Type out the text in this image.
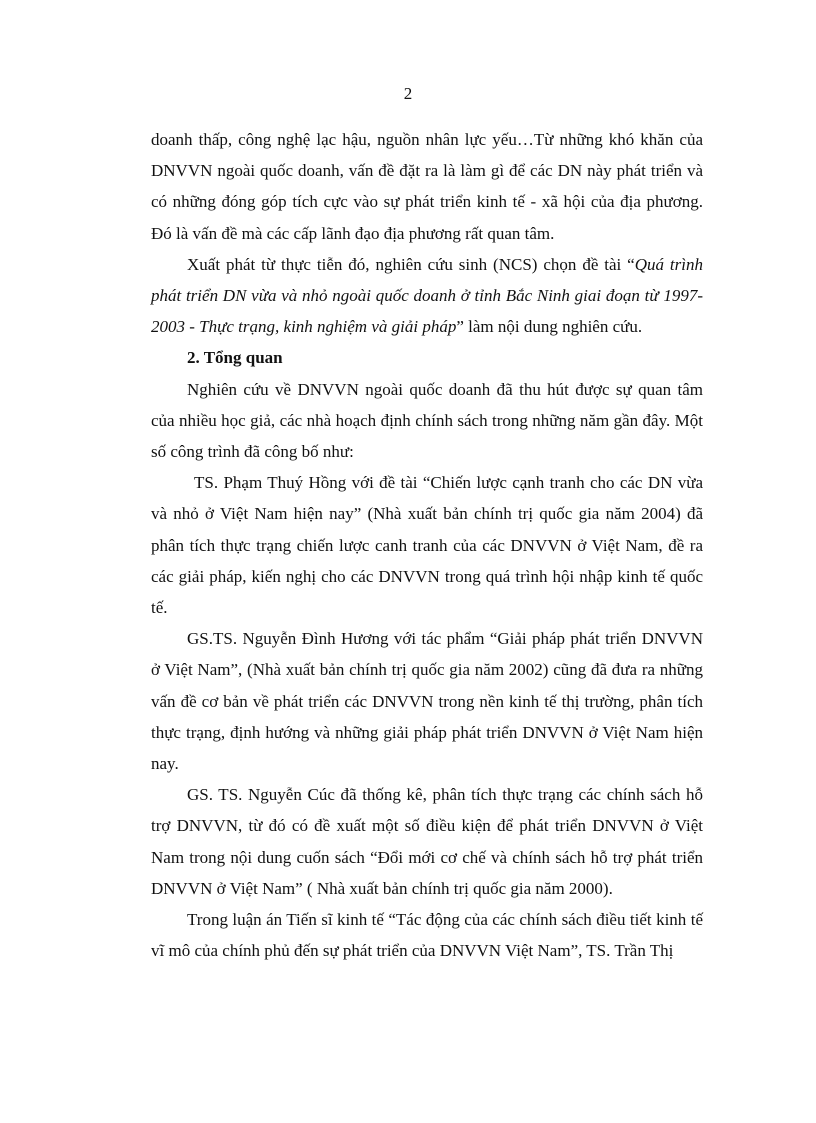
2

doanh thấp, công nghệ lạc hậu, nguồn nhân lực yếu…Từ những khó khăn của DNVVN ngoài quốc doanh, vấn đề đặt ra là làm gì để các DN này phát triển và có những đóng góp tích cực vào sự phát triển kinh tế - xã hội của địa phương. Đó là vấn đề mà các cấp lãnh đạo địa phương rất quan tâm.

Xuất phát từ thực tiễn đó, nghiên cứu sinh (NCS) chọn đề tài “Quá trình phát triển DN vừa và nhỏ ngoài quốc doanh ở tỉnh Bắc Ninh giai đoạn từ 1997-2003 - Thực trạng, kinh nghiệm và giải pháp” làm nội dung nghiên cứu.

2. Tổng quan

Nghiên cứu về DNVVN ngoài quốc doanh đã thu hút được sự quan tâm của nhiều học giả, các nhà hoạch định chính sách trong những năm gần đây. Một số công trình đã công bố như:

TS. Phạm Thuý Hồng với đề tài “Chiến lược cạnh tranh cho các DN vừa và nhỏ ở Việt Nam hiện nay” (Nhà xuất bản chính trị quốc gia năm 2004) đã phân tích thực trạng chiến lược canh tranh của các DNVVN ở Việt Nam, đề ra các giải pháp, kiến nghị cho các DNVVN trong quá trình hội nhập kinh tế quốc tế.

GS.TS. Nguyễn Đình Hương với tác phẩm “Giải pháp phát triển DNVVN ở Việt Nam”, (Nhà xuất bản chính trị quốc gia năm 2002) cũng đã đưa ra những vấn đề cơ bản về phát triển các DNVVN trong nền kinh tế thị trường, phân tích thực trạng, định hướng và những giải pháp phát triển DNVVN ở Việt Nam hiện nay.

GS. TS. Nguyễn Cúc đã thống kê, phân tích thực trạng các chính sách hỗ trợ DNVVN, từ đó có đề xuất một số điều kiện để phát triển DNVVN ở Việt Nam trong nội dung cuốn sách “Đổi mới cơ chế và chính sách hỗ trợ phát triển DNVVN ở Việt Nam” ( Nhà xuất bản chính trị quốc gia năm 2000).

Trong luận án Tiến sĩ kinh tế “Tác động của các chính sách điều tiết kinh tế vĩ mô của chính phủ đến sự phát triển của DNVVN Việt Nam”, TS. Trần Thị
